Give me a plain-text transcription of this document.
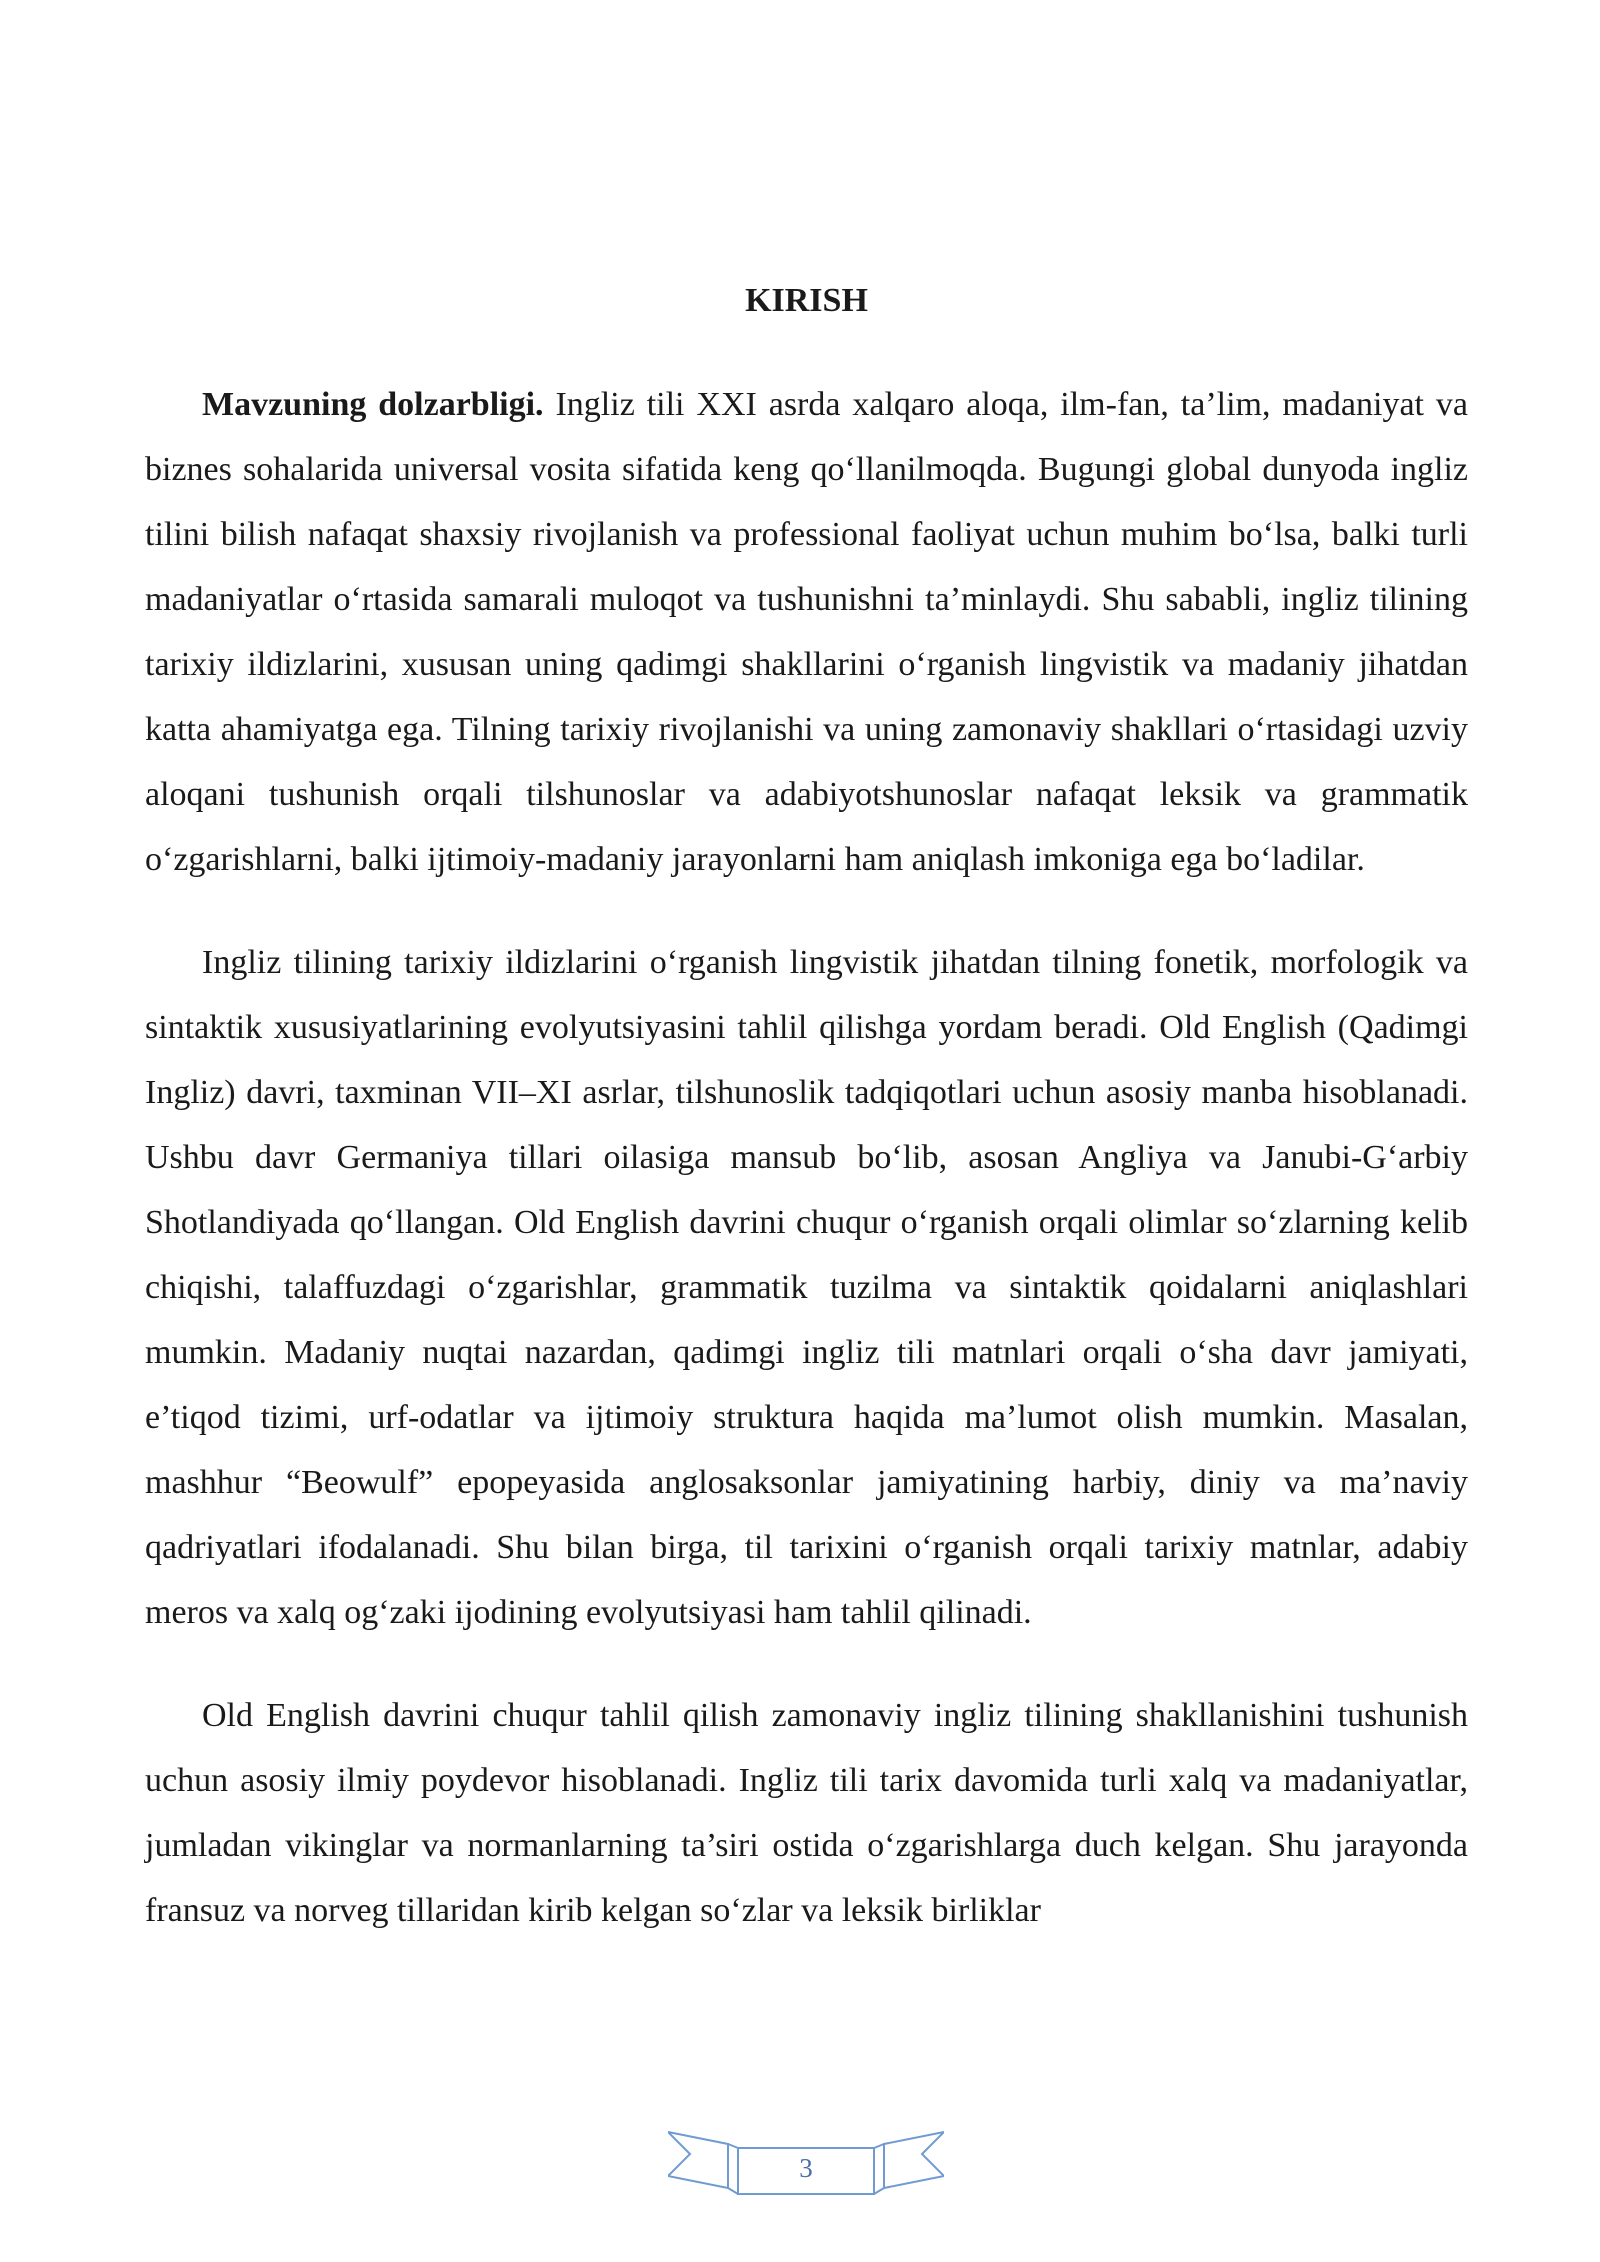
KIRISH

Mavzuning dolzarbligi. Ingliz tili XXI asrda xalqaro aloqa, ilm-fan, ta’lim, madaniyat va biznes sohalarida universal vosita sifatida keng qo‘llanilmoqda. Bugungi global dunyoda ingliz tilini bilish nafaqat shaxsiy rivojlanish va professional faoliyat uchun muhim bo‘lsa, balki turli madaniyatlar o‘rtasida samarali muloqot va tushunishni ta’minlaydi. Shu sababli, ingliz tilining tarixiy ildizlarini, xususan uning qadimgi shakllarini o‘rganish lingvistik va madaniy jihatdan katta ahamiyatga ega. Tilning tarixiy rivojlanishi va uning zamonaviy shakllari o‘rtasidagi uzviy aloqani tushunish orqali tilshunoslar va adabiyotshunoslar nafaqat leksik va grammatik o‘zgarishlarni, balki ijtimoiy-madaniy jarayonlarni ham aniqlash imkoniga ega bo‘ladilar.

Ingliz tilining tarixiy ildizlarini o‘rganish lingvistik jihatdan tilning fonetik, morfologik va sintaktik xususiyatlarining evolyutsiyasini tahlil qilishga yordam beradi. Old English (Qadimgi Ingliz) davri, taxminan VII–XI asrlar, tilshunoslik tadqiqotlari uchun asosiy manba hisoblanadi. Ushbu davr Germaniya tillari oilasiga mansub bo‘lib, asosan Angliya va Janubi-G‘arbiy Shotlandiyada qo‘llangan. Old English davrini chuqur o‘rganish orqali olimlar so‘zlarning kelib chiqishi, talaffuzdagi o‘zgarishlar, grammatik tuzilma va sintaktik qoidalarni aniqlashlari mumkin. Madaniy nuqtai nazardan, qadimgi ingliz tili matnlari orqali o‘sha davr jamiyati, e’tiqod tizimi, urf-odatlar va ijtimoiy struktura haqida ma’lumot olish mumkin. Masalan, mashhur “Beowulf” epopeyasida anglosaksonlar jamiyatining harbiy, diniy va ma’naviy qadriyatlari ifodalanadi. Shu bilan birga, til tarixini o‘rganish orqali tarixiy matnlar, adabiy meros va xalq og‘zaki ijodining evolyutsiyasi ham tahlil qilinadi.

Old English davrini chuqur tahlil qilish zamonaviy ingliz tilining shakllanishini tushunish uchun asosiy ilmiy poydevor hisoblanadi. Ingliz tili tarix davomida turli xalq va madaniyatlar, jumladan vikinglar va normanlarning ta’siri ostida o‘zgarishlarga duch kelgan. Shu jarayonda fransuz va norveg tillaridan kirib kelgan so‘zlar va leksik birliklar

3
